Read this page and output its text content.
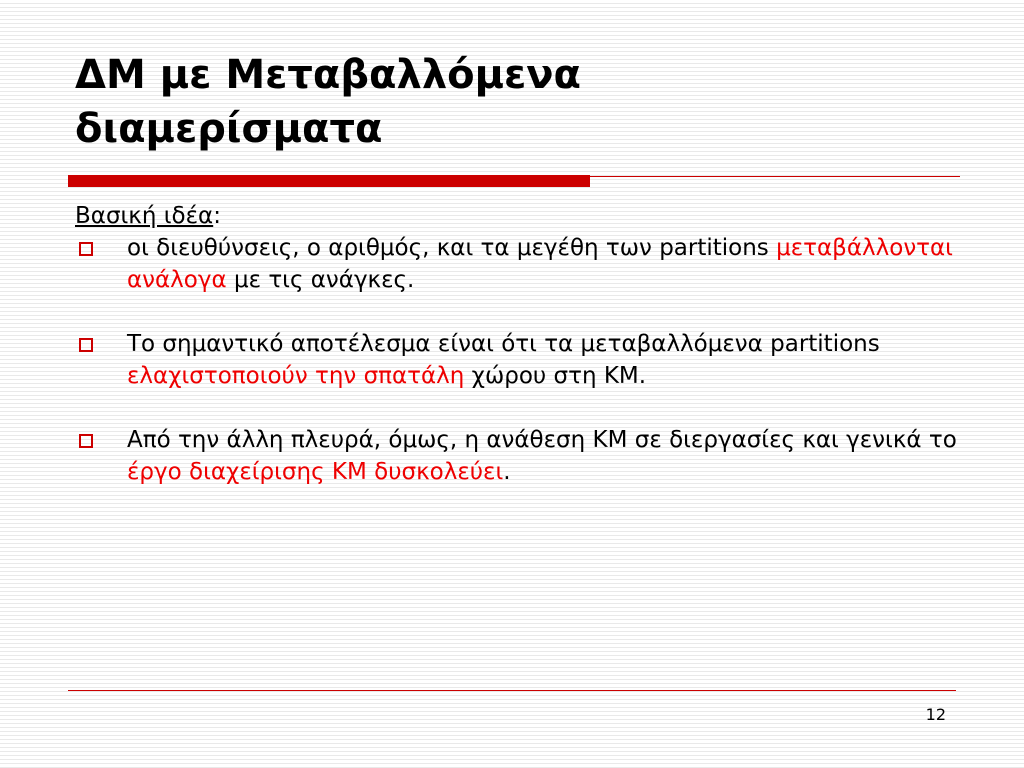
ΔΜ με Μεταβαλλόμενα
διαμερίσματα

Βασική ιδέα:

οι διευθύνσεις, ο αριθμός, και τα μεγέθη των partitions μεταβάλλονται ανάλογα με τις ανάγκες.

Το σημαντικό αποτέλεσμα είναι ότι τα μεταβαλλόμενα partitions ελαχιστοποιούν την σπατάλη χώρου στη ΚΜ.

Από την άλλη πλευρά, όμως, η ανάθεση ΚΜ σε διεργασίες και γενικά το έργο διαχείρισης ΚΜ δυσκολεύει.

12
